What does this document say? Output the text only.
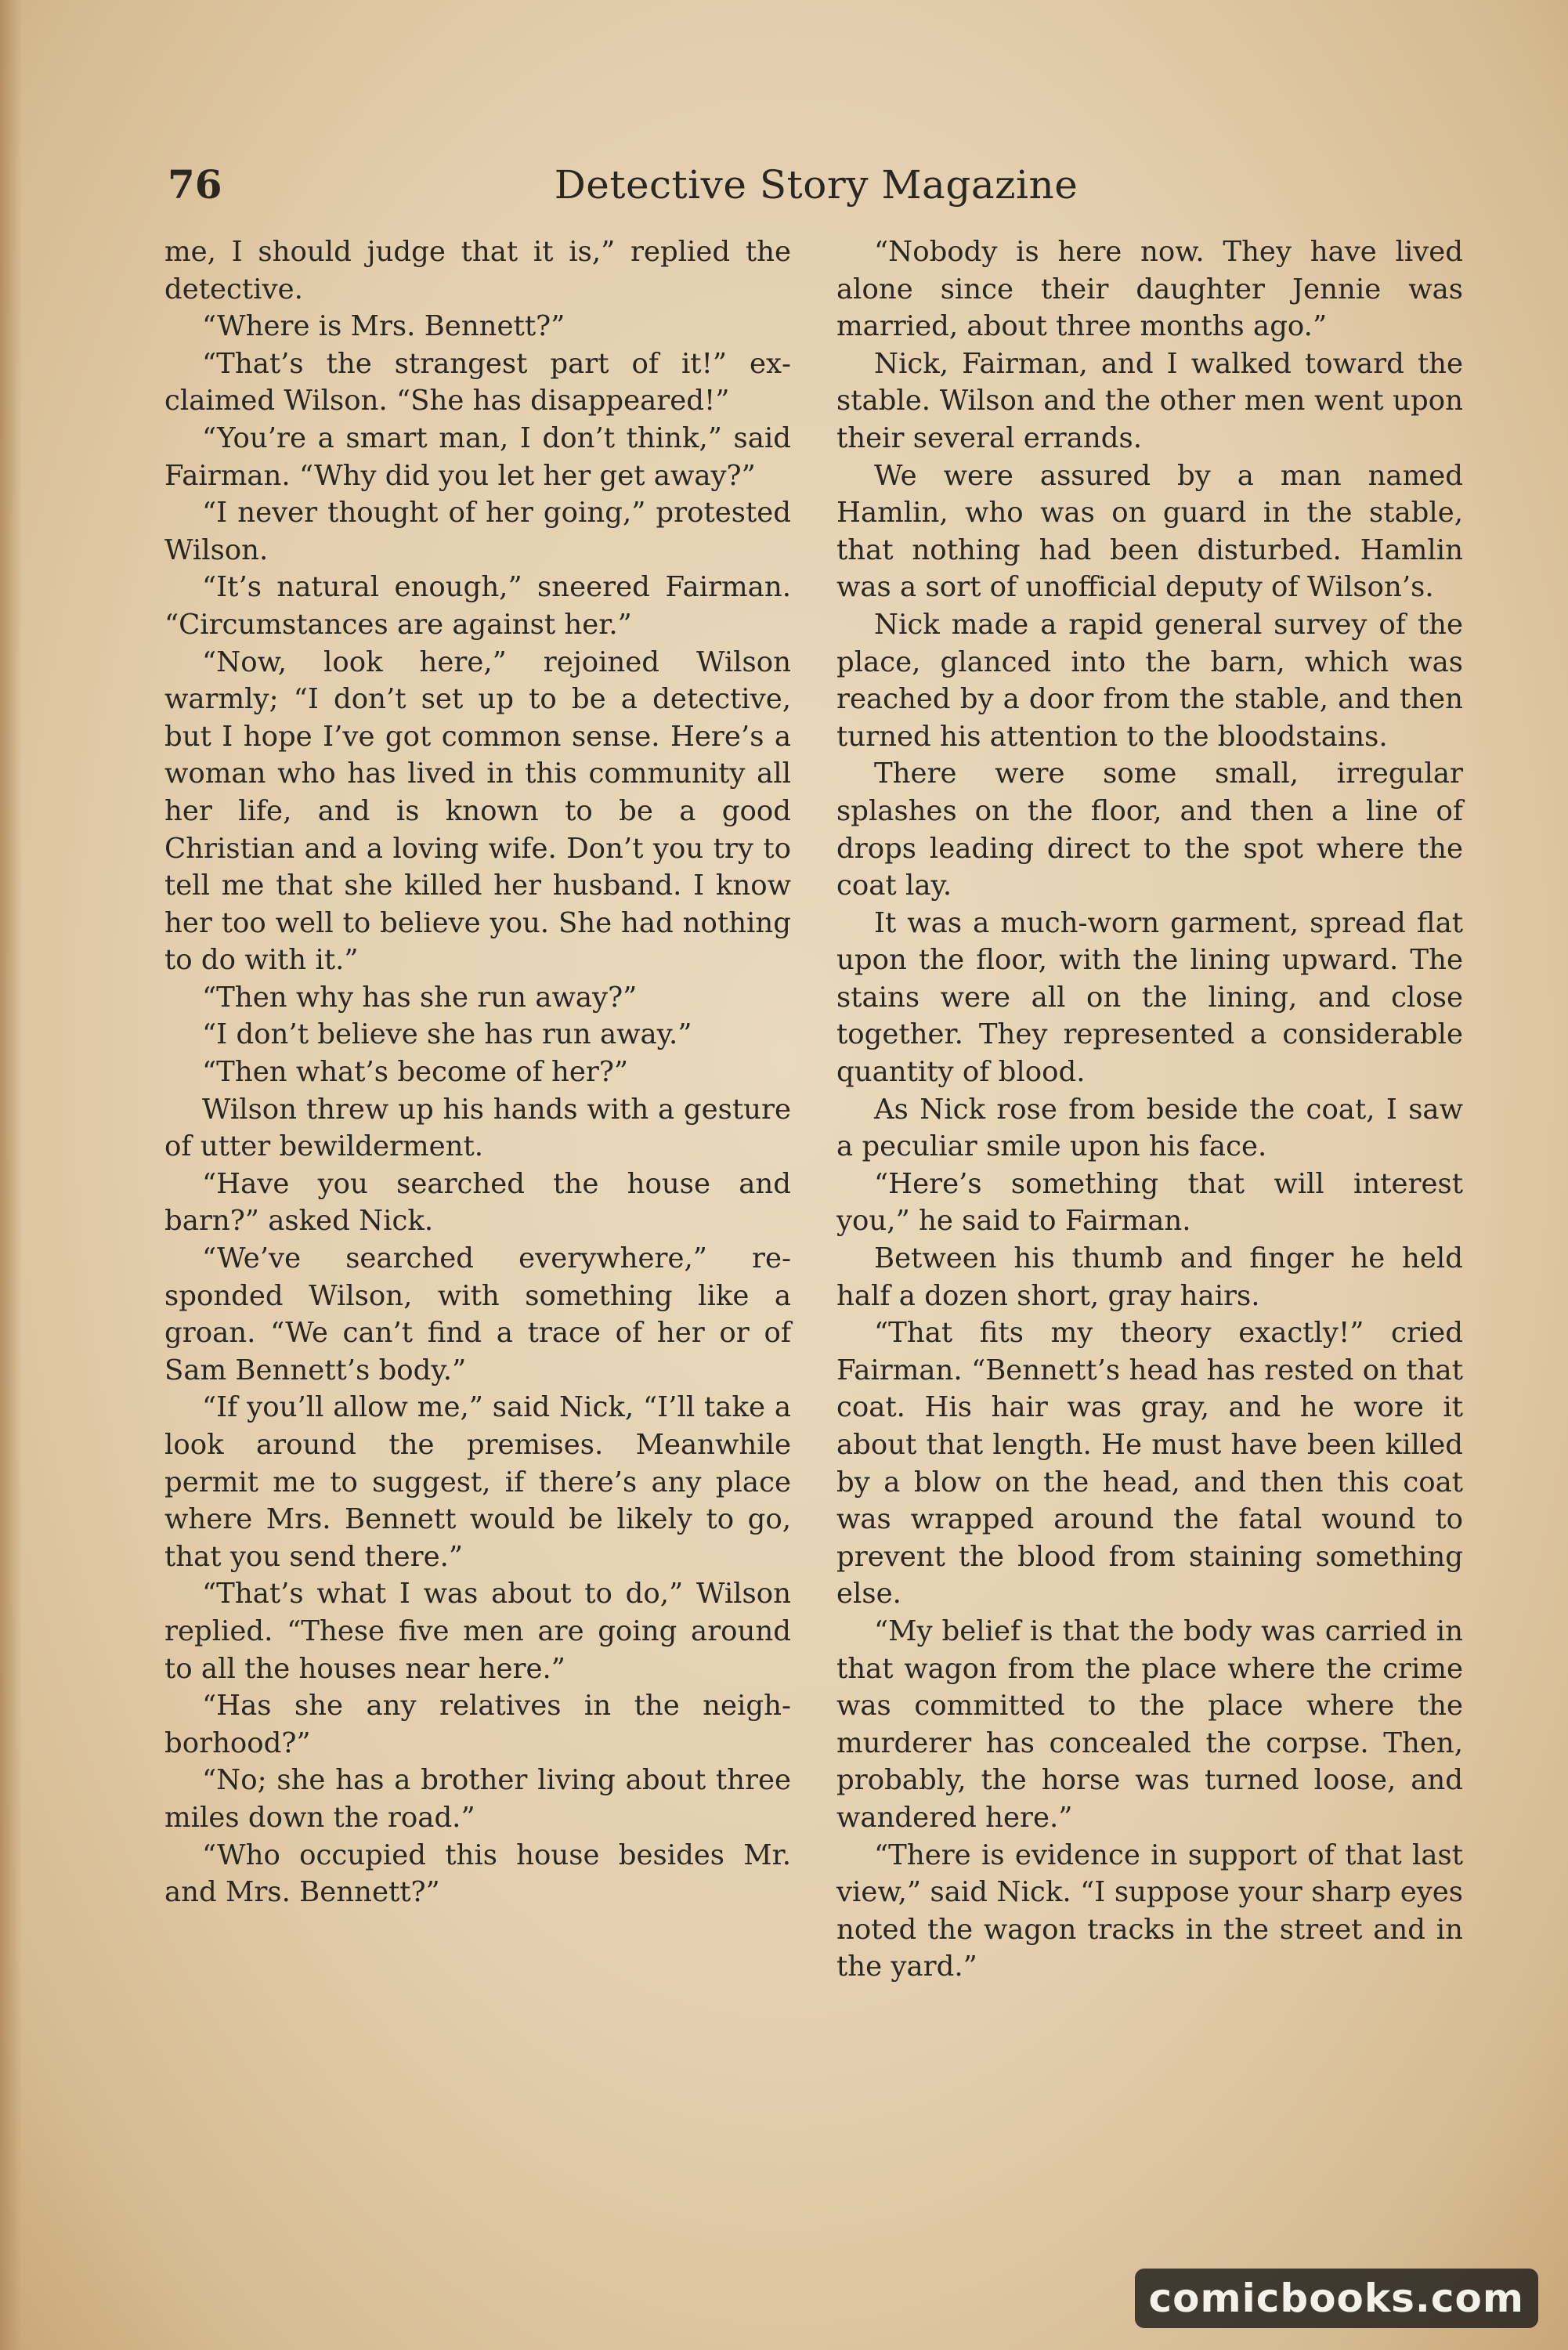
Detective Story Magazine
76

me, I should judge that it is,” replied the detective.

“Where is Mrs. Bennett?”

“That’s the strangest part of it!” exclaimed Wilson. “She has disappeared!”

“You’re a smart man, I don’t think,” said Fairman. “Why did you let her get away?”

“I never thought of her going,” protested Wilson.

“It’s natural enough,” sneered Fairman. “Circumstances are against her.”

“Now, look here,” rejoined Wilson warmly; “I don’t set up to be a detective, but I hope I’ve got common sense. Here’s a woman who has lived in this community all her life, and is known to be a good Christian and a loving wife. Don’t you try to tell me that she killed her husband. I know her too well to believe you. She had nothing to do with it.”

“Then why has she run away?”

“I don’t believe she has run away.”

“Then what’s become of her?”

Wilson threw up his hands with a gesture of utter bewilderment.

“Have you searched the house and barn?” asked Nick.

“We’ve searched everywhere,” responded Wilson, with something like a groan. “We can’t find a trace of her or of Sam Bennett’s body.”

“If you’ll allow me,” said Nick, “I’ll take a look around the premises. Meanwhile permit me to suggest, if there’s any place where Mrs. Bennett would be likely to go, that you send there.”

“That’s what I was about to do,” Wilson replied. “These five men are going around to all the houses near here.”

“Has she any relatives in the neighborhood?”

“No; she has a brother living about three miles down the road.”

“Who occupied this house besides Mr. and Mrs. Bennett?”

“Nobody is here now. They have lived alone since their daughter Jennie was married, about three months ago.”

Nick, Fairman, and I walked toward the stable. Wilson and the other men went upon their several errands.

We were assured by a man named Hamlin, who was on guard in the stable, that nothing had been disturbed. Hamlin was a sort of unofficial deputy of Wilson’s.

Nick made a rapid general survey of the place, glanced into the barn, which was reached by a door from the stable, and then turned his attention to the bloodstains.

There were some small, irregular splashes on the floor, and then a line of drops leading direct to the spot where the coat lay.

It was a much-worn garment, spread flat upon the floor, with the lining upward. The stains were all on the lining, and close together. They represented a considerable quantity of blood.

As Nick rose from beside the coat, I saw a peculiar smile upon his face.

“Here’s something that will interest you,” he said to Fairman.

Between his thumb and finger he held half a dozen short, gray hairs.

“That fits my theory exactly!” cried Fairman. “Bennett’s head has rested on that coat. His hair was gray, and he wore it about that length. He must have been killed by a blow on the head, and then this coat was wrapped around the fatal wound to prevent the blood from staining something else.

“My belief is that the body was carried in that wagon from the place where the crime was committed to the place where the murderer has concealed the corpse. Then, probably, the horse was turned loose, and wandered here.”

“There is evidence in support of that last view,” said Nick. “I suppose your sharp eyes noted the wagon tracks in the street and in the yard.”

comicbooks.com
